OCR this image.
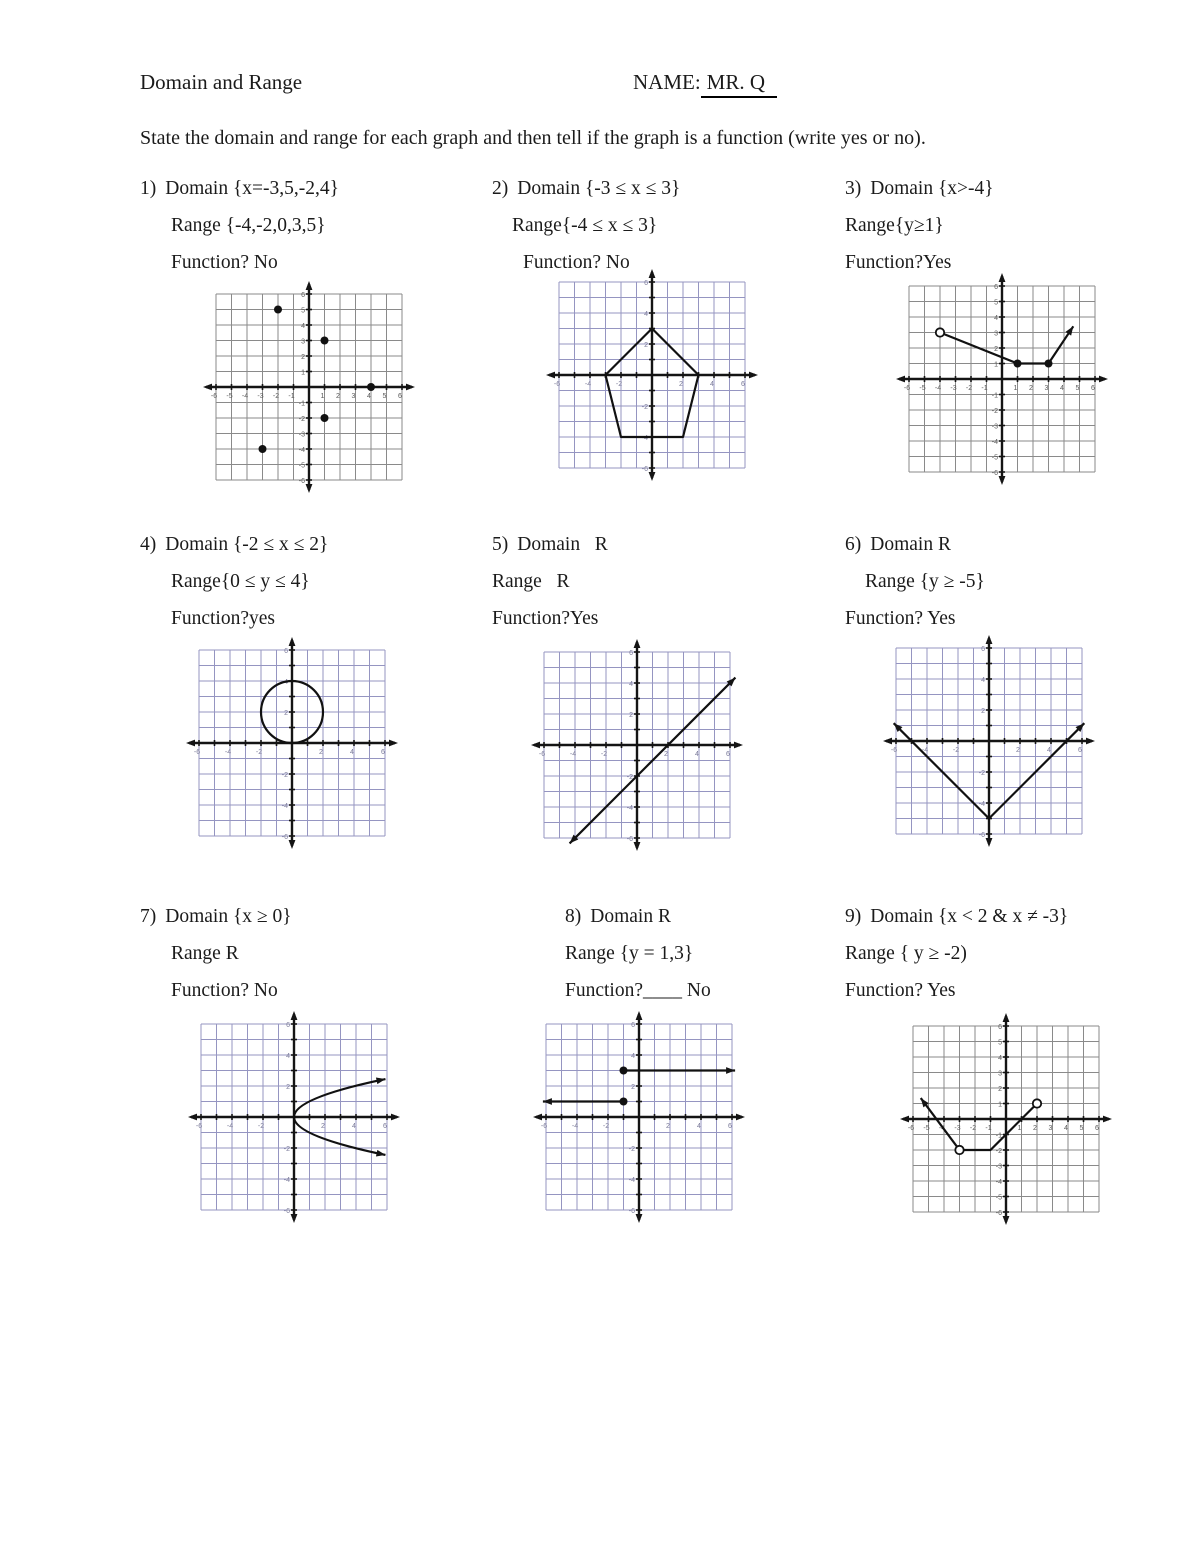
Domain and Range	NAME: MR. Q
State the domain and range for each graph and then tell if the graph is a function (write yes or no).
1) Domain {x=-3,5,-2,4}
Range {-4,-2,0,3,5}
Function? No
2) Domain {-3 ≤ x ≤ 3}
Range{-4 ≤ x ≤ 3}
Function? No
3) Domain {x>-4}
Range{y≥1}
Function?Yes
-6
-6
-5
-5
-4
-4
-3
-3
-2
-2
-1
-1
1
1
2
2
3
3
4
4
5
5
6
6
-6
-6
-4
-4
-2
-2
2
2
4
4
6
6
-6
-6
-5
-5
-4
-4
-3
-3
-2
-2
-1
-1
1
1
2
2
3
3
4
4
5
5
6
6
4) Domain {-2 ≤ x ≤ 2}
Range{0 ≤ y ≤ 4}
Function?yes
5) Domain   R
Range   R
Function?Yes
6) Domain R
Range {y ≥ -5}
Function? Yes
-6
-6
-4
-4
-2
-2
2
2
4
4
6
6
-6
-6
-4
-4
-2
-2
2
2
4
4
6
6
-6
-6
-4
-4
-2
-2
2
2
4
4
6
6
7) Domain {x ≥ 0}
Range R
Function? No
8) Domain R
Range {y = 1,3}
Function?____ No
9) Domain {x < 2 & x ≠ -3}
Range { y ≥ -2)
Function? Yes
-6
-6
-4
-4
-2
-2
2
2
4
4
6
6
-6
-6
-4
-4
-2
-2
2
2
4
4
6
6
-6
-6
-5
-5
-4
-4
-3
-3
-2
-2
-1
-1
1
1
2
2
3
3
4
4
5
5
6
6
